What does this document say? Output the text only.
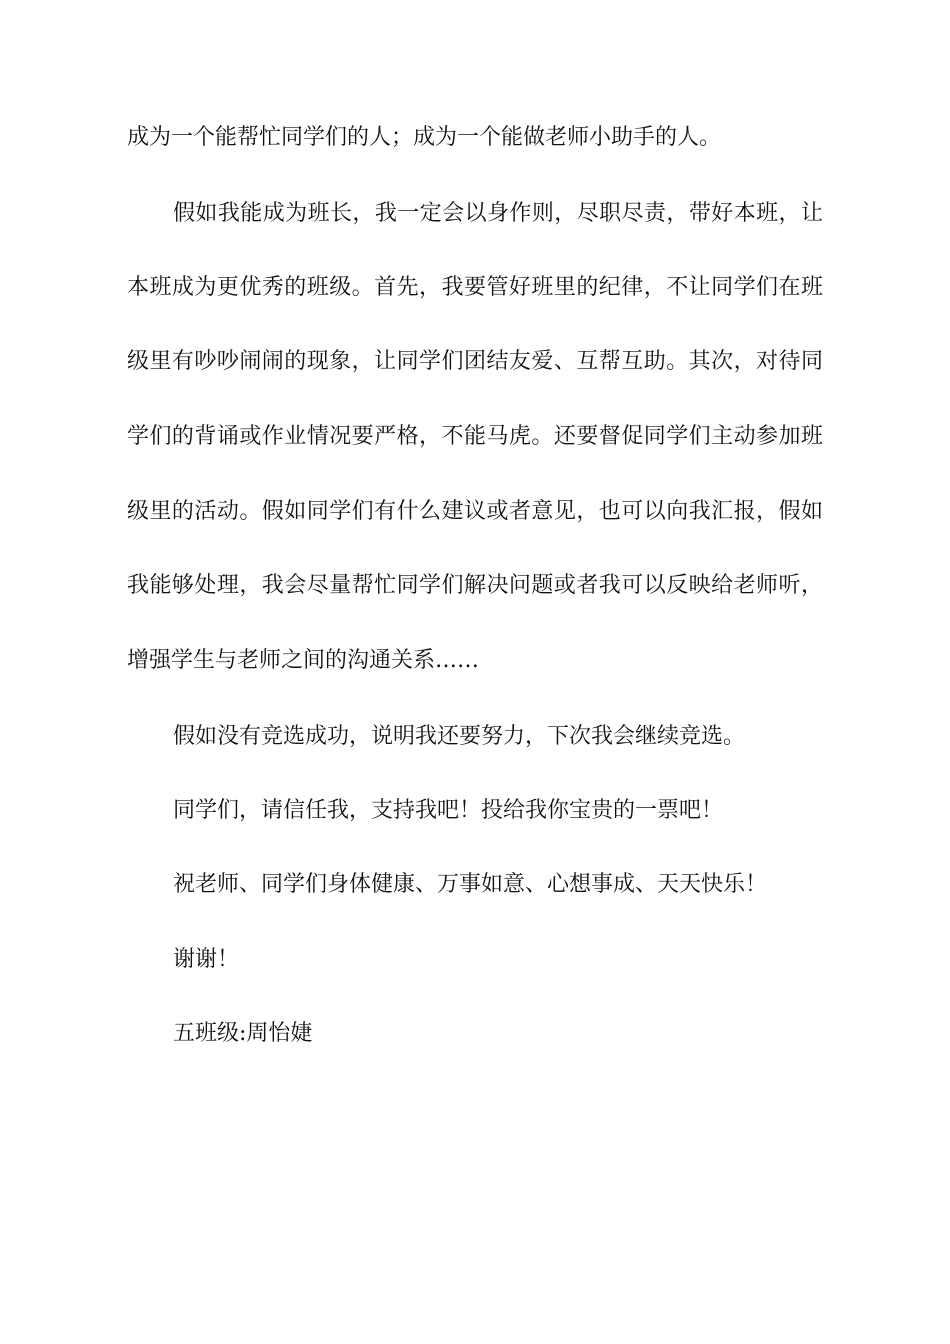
成为一个能帮忙同学们的人；成为一个能做老师小助手的人。
假如我能成为班长，我一定会以身作则，尽职尽责，带好本班，让
本班成为更优秀的班级。首先，我要管好班里的纪律，不让同学们在班
级里有吵吵闹闹的现象，让同学们团结友爱、互帮互助。其次，对待同
学们的背诵或作业情况要严格，不能马虎。还要督促同学们主动参加班
级里的活动。假如同学们有什么建议或者意见，也可以向我汇报，假如
我能够处理，我会尽量帮忙同学们解决问题或者我可以反映给老师听，
增强学生与老师之间的沟通关系……
假如没有竞选成功，说明我还要努力，下次我会继续竞选。
同学们，请信任我，支持我吧！投给我你宝贵的一票吧！
祝老师、同学们身体健康、万事如意、心想事成、天天快乐！
谢谢！
五班级:周怡婕
